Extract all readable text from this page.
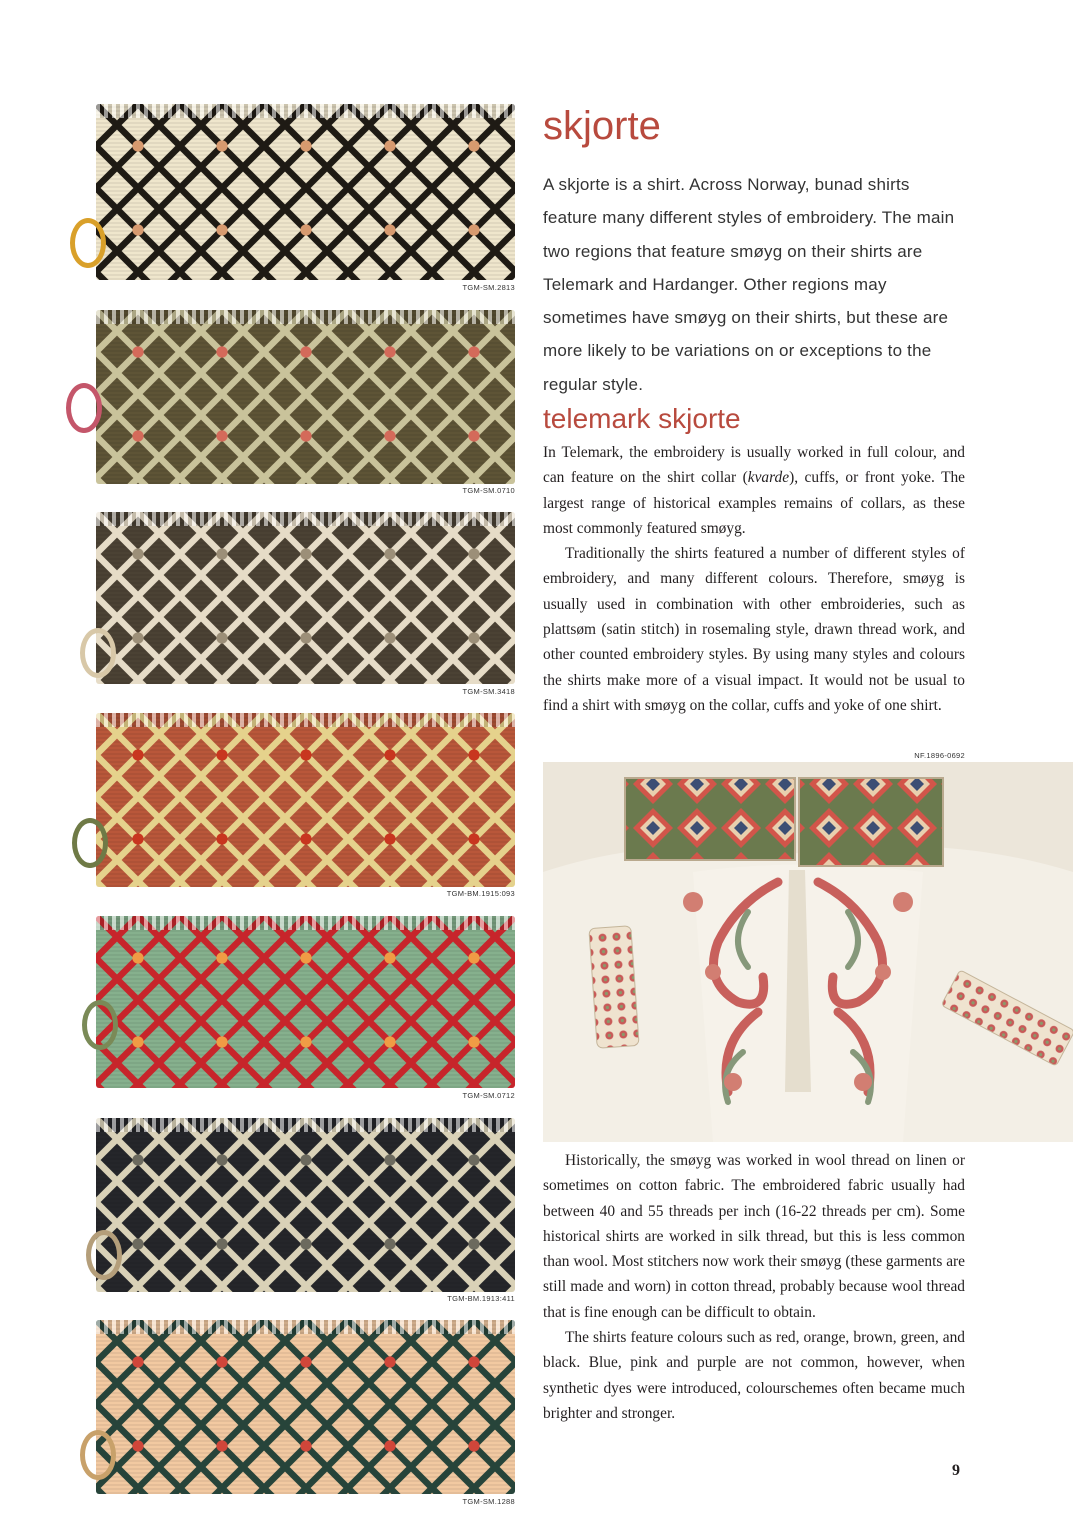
TGM-SM.2813
TGM-SM.0710
TGM-SM.3418
TGM-BM.1915:093
TGM-SM.0712
TGM-BM.1913:411
TGM-SM.1288
skjorte

A skjorte is a shirt. Across Norway, bunad shirts feature many different styles of embroidery. The main two regions that feature smøyg on their shirts are Telemark and Hardanger. Other regions may sometimes have smøyg on their shirts, but these are more likely to be variations on or exceptions to the regular style.

telemark skjorte

In Telemark, the embroidery is usually worked in full colour, and can feature on the shirt collar (kvarde), cuffs, or front yoke. The largest range of historical examples remains of collars, as these most commonly featured smøyg.

Traditionally the shirts featured a number of different styles of embroidery, and many different colours. Therefore, smøyg is usually used in combination with other embroideries, such as plattsøm (satin stitch) in rosemaling style, drawn thread work, and other counted embroidery styles. By using many styles and colours the shirts make more of a visual impact. It would not be usual to find a shirt with smøyg on the collar, cuffs and yoke of one shirt.

NF.1896-0692

Historically, the smøyg was worked in wool thread on linen or sometimes on cotton fabric. The embroidered fabric usually had between 40 and 55 threads per inch (16-22 threads per cm). Some historical shirts are worked in silk thread, but this is less common than wool. Most stitchers now work their smøyg (these garments are still made and worn) in cotton thread, probably because wool thread that is fine enough can be difficult to obtain.

The shirts feature colours such as red, orange, brown, green, and black. Blue, pink and purple are not common, however, when synthetic dyes were introduced, colourschemes often became much brighter and stronger.

9
